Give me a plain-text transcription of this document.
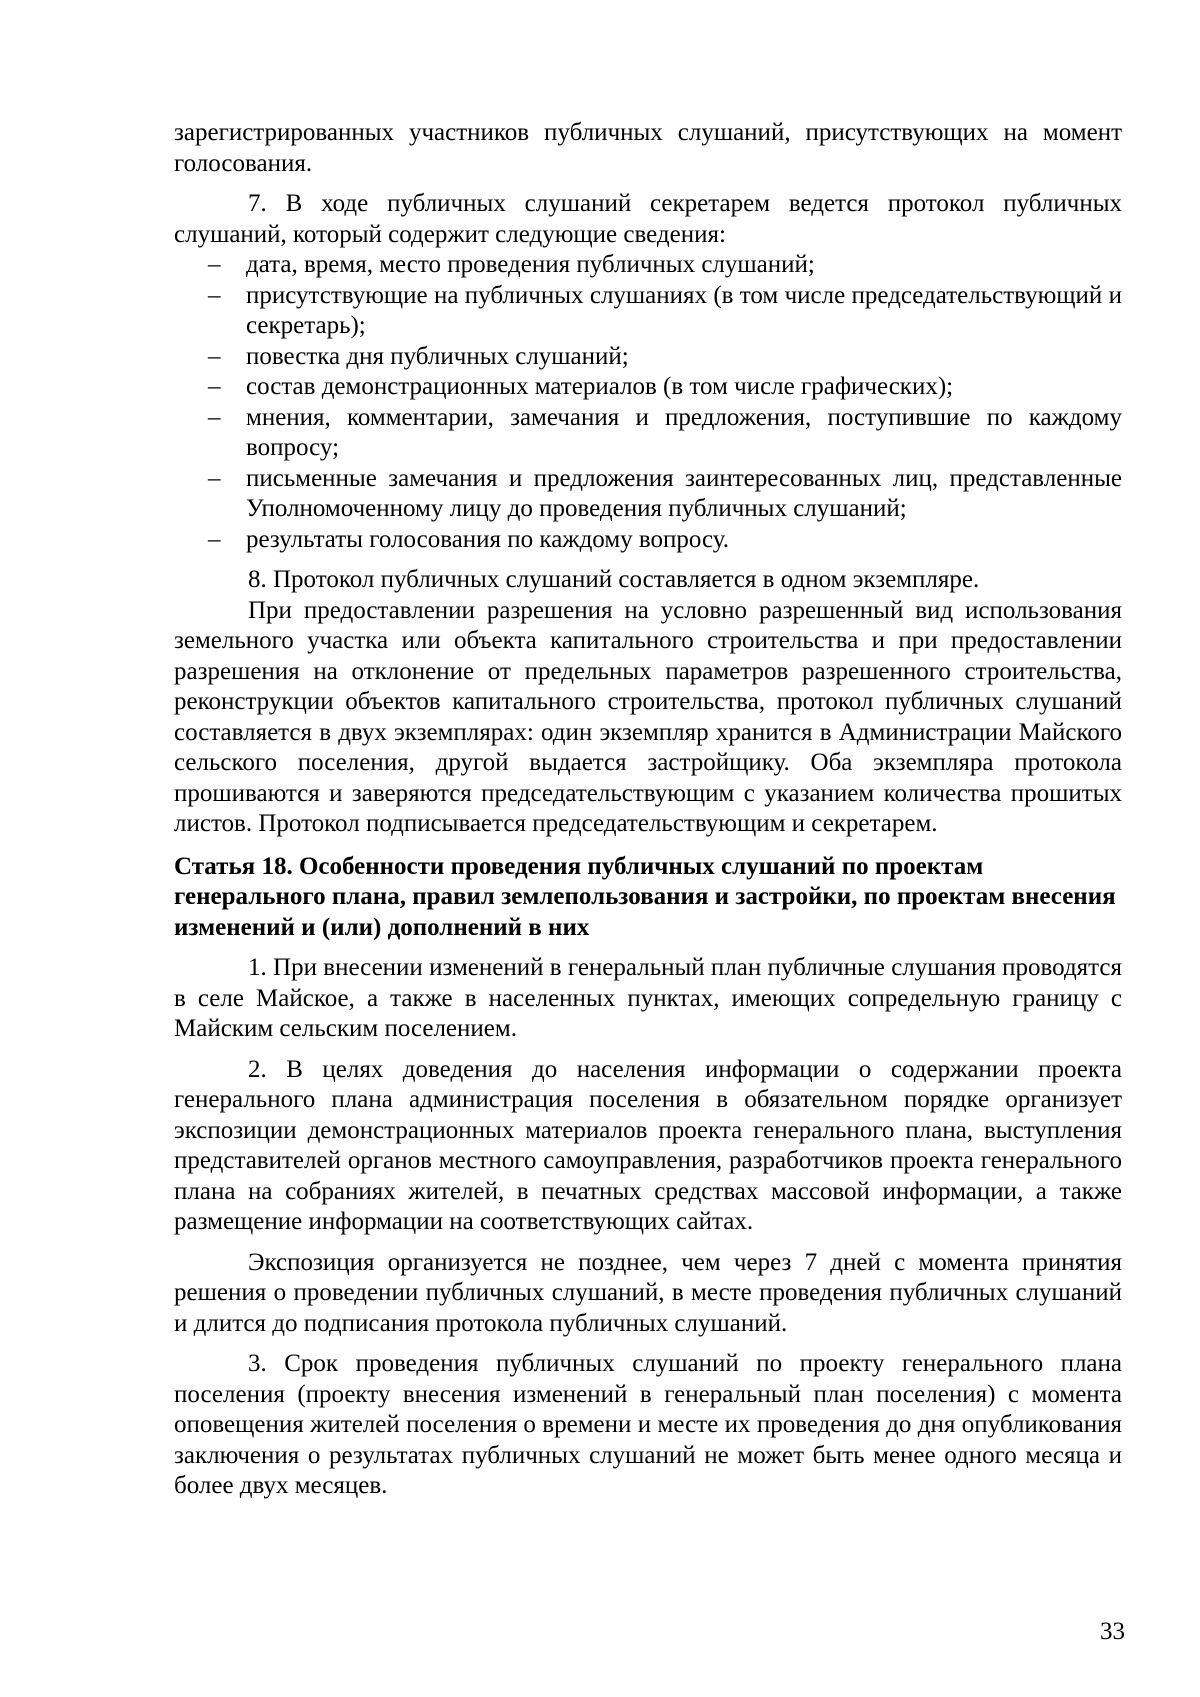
зарегистрированных участников публичных слушаний, присутствующих на момент голосования.

7. В ходе публичных слушаний секретарем ведется протокол публичных слушаний, который содержит следующие сведения:

– дата, время, место проведения публичных слушаний;
– присутствующие на публичных слушаниях (в том числе председательствующий и секретарь);
– повестка дня публичных слушаний;
– состав демонстрационных материалов (в том числе графических);
– мнения, комментарии, замечания и предложения, поступившие по каждому вопросу;
– письменные замечания и предложения заинтересованных лиц, представленные Уполномоченному лицу до проведения публичных слушаний;
– результаты голосования по каждому вопросу.

8. Протокол публичных слушаний составляется в одном экземпляре.

При предоставлении разрешения на условно разрешенный вид использования земельного участка или объекта капитального строительства и при предоставлении разрешения на отклонение от предельных параметров разрешенного строительства, реконструкции объектов капитального строительства, протокол публичных слушаний составляется в двух экземплярах: один экземпляр хранится в Администрации Майского сельского поселения, другой выдается застройщику. Оба экземпляра протокола прошиваются и заверяются председательствующим с указанием количества прошитых листов. Протокол подписывается председательствующим и секретарем.

Статья 18. Особенности проведения публичных слушаний по проектам генерального плана, правил землепользования и застройки, по проектам внесения изменений и (или) дополнений в них

1. При внесении изменений в генеральный план публичные слушания проводятся в селе Майское, а также в населенных пунктах, имеющих сопредельную границу с Майским сельским поселением.

2. В целях доведения до населения информации о содержании проекта генерального плана администрация поселения в обязательном порядке организует экспозиции демонстрационных материалов проекта генерального плана, выступления представителей органов местного самоуправления, разработчиков проекта генерального плана на собраниях жителей, в печатных средствах массовой информации, а также размещение информации на соответствующих сайтах.

Экспозиция организуется не позднее, чем через 7 дней с момента принятия решения о проведении публичных слушаний, в месте проведения публичных слушаний и длится до подписания протокола публичных слушаний.

3. Срок проведения публичных слушаний по проекту генерального плана поселения (проекту внесения изменений в генеральный план поселения) с момента оповещения жителей поселения о времени и месте их проведения до дня опубликования заключения о результатах публичных слушаний не может быть менее одного месяца и более двух месяцев.

33
